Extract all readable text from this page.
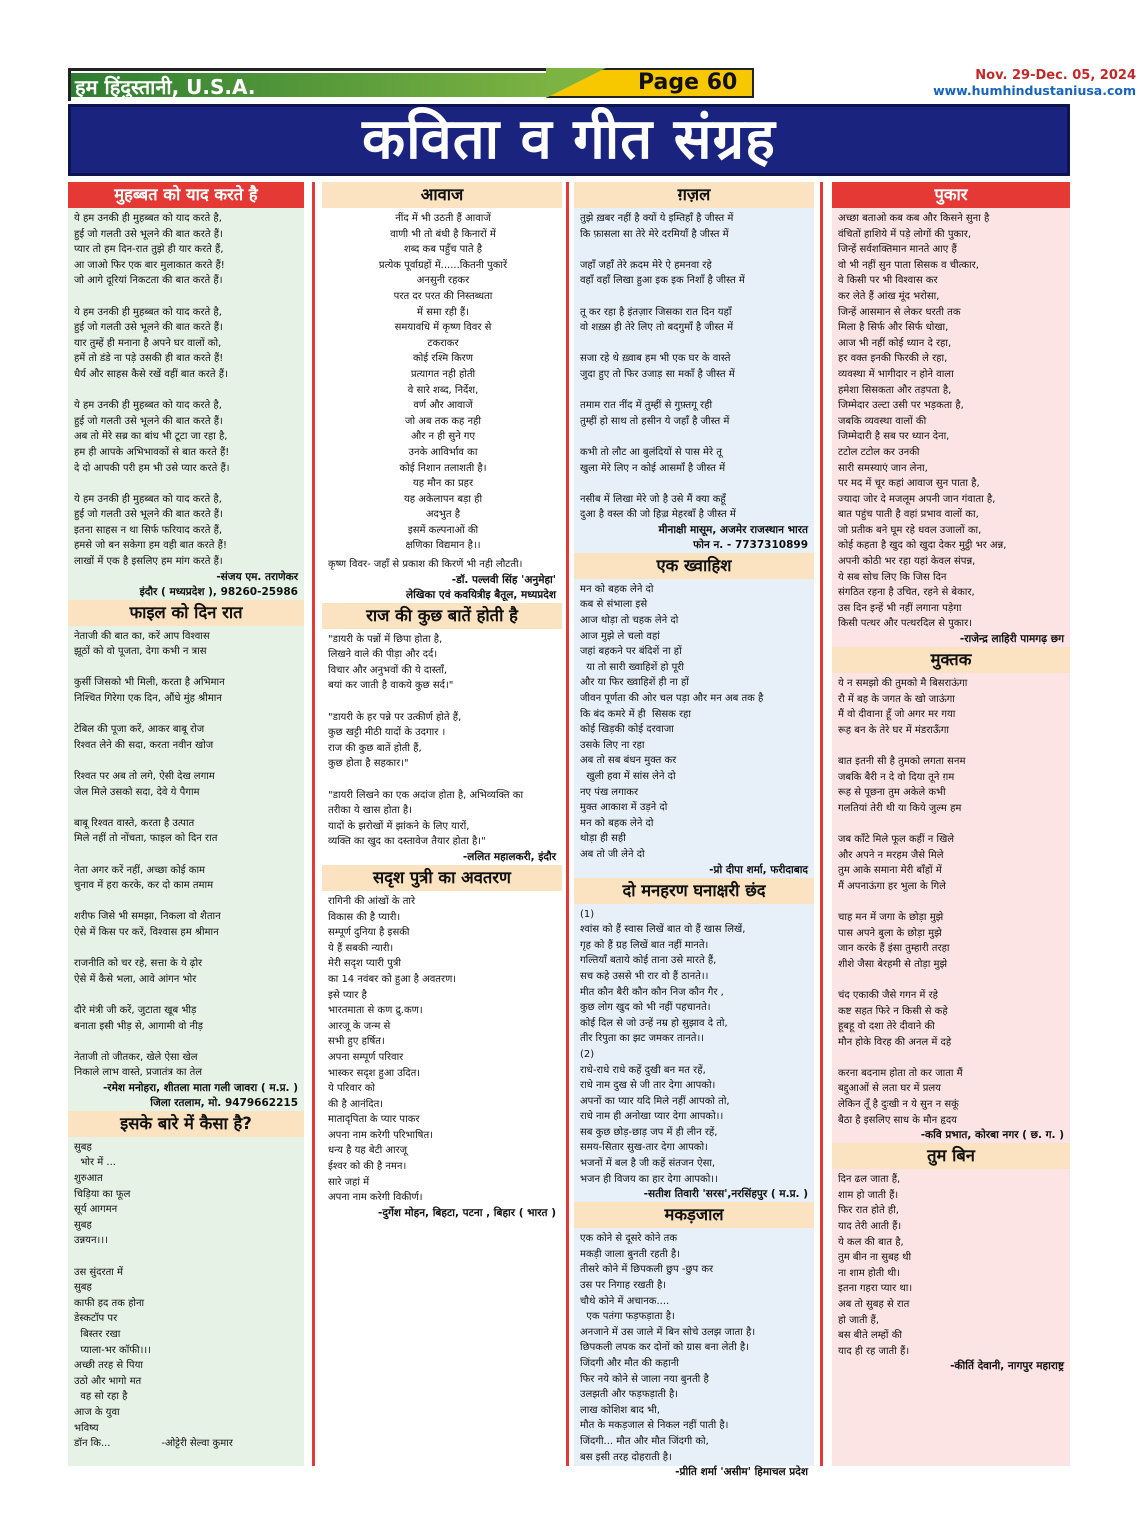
हम हिंदुस्तानी, U.S.A.	Page 60	Nov. 29-Dec. 05, 2024
www.humhindustaniusa.com
कविता व गीत संग्रह
मुहब्बत को याद करते है
ये हम उनकी ही मुहब्बत को याद करते है,
हुई जो गलती उसे भूलने की बात करते हैं।
प्यार तो हम दिन-रात तुझे ही यार करते हैं,
आ जाओ फिर एक बार मुलाकात करते हैं!
जो आगे दूरियां निकटता की बात करते हैं।

ये हम उनकी ही मुहब्बत को याद करते है,
हुई जो गलती उसे भूलने की बात करते हैं।
यार तुम्हें ही मनाना है अपने घर वालों को,
हमें तो डंडे ना पड़े उसकी ही बात करते हैं!
धैर्य और साहस कैसे रखें वहीं बात करते हैं।

ये हम उनकी ही मुहब्बत को याद करते है,
हुई जो गलती उसे भूलने की बात करते हैं।
अब तो मेरे सब्र का बांध भी टूटा जा रहा है,
हम ही आपके अभिभावकों से बात करते हैं!
दे दो आपकी परी हम भी उसे प्यार करते हैं।

ये हम उनकी ही मुहब्बत को याद करते है,
हुई जो गलती उसे भूलने की बात करते हैं।
इतना साहस न था सिर्फ फरियाद करते हैं,
हमसे जो बन सकेगा हम वही बात करते हैं!
लाखों में एक है इसलिए हम मांग करते हैं।
-संजय एम. तराणेकर
इंदौर ( मध्यप्रदेश ), 98260-25986
फाइल को दिन रात
नेताजी की बात का, करें आप विश्वास
झूठों को वो पूजता, देगा कभी न त्रास

कुर्सी जिसको भी मिली, करता है अभिमान
निश्चित गिरेगा एक दिन, औंधे मुंह श्रीमान

टेबिल की पूजा करें, आकर बाबू रोज
रिश्वत लेने की सदा, करता नवीन खोज

रिश्वत पर अब तो लगे, ऐसी देख लगाम
जेल मिले उसको सदा, देवे ये पैगाम

बाबू रिश्वत वास्ते, करता है उत्पात
मिले नहीं तो नोंचता, फाइल को दिन रात

नेता अगर करें नहीं, अच्छा कोई काम
चुनाव में हरा करके, कर दो काम तमाम

शरीफ जिसे भी समझा, निकला वो शैतान
ऐसे में किस पर करें, विश्वास हम श्रीमान

राजनीति को चर रहे, सत्ता के ये ढ़ोर
ऐसे में कैसे भला, आवे आंगन भोर

दौरे मंत्री जी करें, जुटाता खूब भीड़
बनाता इसी भीड़ से, आगामी वो नीड़

नेताजी तो जीतकर, खेले ऐसा खेल
निकाले लाभ वास्ते, प्रजातंत्र का तेल
-रमेश मनोहरा, शीतला माता गली जावरा ( म.प्र. )
जिला रतलाम, मो. 9479662215
इसके बारे में कैसा है?
सुबह
भोर में ...
शुरुआत
चिड़िया का फूल
सूर्य आगमन
सुबह
उन्नयन।।।

उस सुंदरता में
सुबह
काफी हद तक होना
डेस्कटॉप पर
बिस्तर रखा
प्याला-भर कॉफी।।।
अच्छी तरह से पिया
उठो और भागो मत
वह सो रहा है
आज के युवा
भविष्य
डॉन कि...                -ओट्टेरी सेल्वा कुमार
आवाज
नींद में भी उठती हैं आवाजें
वाणी भी तो बंधी है किनारों में
शब्द कब पहुँच पाते है
प्रत्येक पूर्वाग्रहों में......कितनी पुकारें
अनसुनी रहकर
परत दर परत की निस्तब्धता
में समा रही हैं।
समयावधि में कृष्ण विवर से
टकराकर
कोई रश्मि किरण
प्रत्यागत नही होती
वे सारे शब्द, निर्देश,
वर्ण और आवाजें
जो अब तक कह नही
और न ही सुने गए
उनके आविर्भाव का
कोई निशान तलाशती है।
यह मौन का प्रहर
यह अकेलापन बड़ा ही
अदभुत है
इसमें कल्पनाओं की
क्षणिका विद्यमान है।।
कृष्ण विवर- जहाँ से प्रकाश की किरणें भी नही लौटती।
-डॉ. पल्लवी सिंह 'अनुमेहा'
लेखिका एवं कवयित्रीइ बैतूल, मध्यप्रदेश
राज की कुछ बातें होती है
"डायरी के पन्नों में छिपा होता है,
लिखने वाले की पीड़ा और दर्द।
विचार और अनुभवों की ये दास्ताँ,
बयां कर जाती है वाकये कुछ सर्द।"

"डायरी के हर पन्ने पर उत्कीर्ण होते हैं,
कुछ खट्टी मीठी यादों के उदगार ।
राज की कुछ बातें होती हैं,
कुछ होता है सहकार।"

"डायरी लिखने का एक अदांज होता है, अभिव्यक्ति का
तरीका ये खास होता है।
यादों के झरोखों में झांकने के लिए यारों,
व्यक्ति का खुद का दस्तावेज तैयार होता है।"
-ललित महालकरी, इंदौर
सदृश पुत्री का अवतरण
रागिनी की आंखों के तारे
विकास की है प्यारी।
सम्पूर्ण दुनिया है इसकी
ये हैं सबकी न्यारी।
मेरी सदृश प्यारी पुत्री
का 14 नवंबर को हुआ है अवतरण।
इसे प्यार है
भारतमाता से कण द्रु.कण।
आरजू के जन्म से
सभी हुए हर्षित।
अपना सम्पूर्ण परिवार
भास्कर सदृश हुआ उदित।
ये परिवार को
की है आनंदित।
मातादृपिता के प्यार पाकर
अपना नाम करेगी परिभाषित।
धन्य है यह बेटी आरजू
ईश्वर को की है नमन।
सारे जहां में
अपना नाम करेगी विकीर्ण।
-दुर्गेश मोहन, बिहटा, पटना , बिहार ( भारत )
ग़ज़ल
तुझे ख़बर नहीं है क्यों ये इम्तिहाँ है जीस्त में
कि फ़ासला सा तेरे मेरे दरमियाँ है जीस्त में

जहाँ जहाँ तेरे क़दम मेरे ऐ हमनवा रहे
वहाँ वहाँ लिखा हुआ इक इक निशाँ है जीस्त में

तू कर रहा है इंतज़ार जिसका रात दिन यहाँ
वो शख़्स ही तेरे लिए तो बदगुमाँ है जीस्त में

सजा रहे थे ख़्वाब हम भी एक घर के वास्ते
जुदा हुए तो फिर उजाड़ सा मकाँ है जीस्त में

तमाम रात नींद में तुम्हीं से गुफ़्तगू रही
तुम्हीं हो साथ तो हसीन ये जहाँ है जीस्त में

कभी तो लौट आ बुलंदियों से पास मेरे तू
खुला मेरे लिए न कोई आसमाँ है जीस्त में

नसीब में लिखा मेरे जो है उसे मैं क्या कहूँ
दुआ है वस्ल की जो हिज़्र मेहरबाँ है जीस्त में
मीनाक्षी मासूम, अजमेर राजस्थान भारत
फोन न. - 7737310899
एक ख्वाहिश
मन को बहक लेने दो
कब से संभाला इसे
आज थोड़ा तो चहक लेने दो
आज मुझे ले चलो वहां
जहां बहकने पर बंदिशें ना हों
या तो सारी ख्वाहिशें हो पूरी
और या फिर ख्वाहिशें ही ना हों
जीवन पूर्णता की ओर चल पड़ा और मन अब तक है
कि बंद कमरे में ही  सिसक रहा
कोई खिड़की कोई दरवाजा
उसके लिए ना रहा
अब तो सब बंधन मुक्त कर
खुली हवा में सांस लेने दो
नए पंख लगाकर
मुक्त आकाश में उड़ने दो
मन को बहक लेने दो
थोड़ा ही सही
अब तो जी लेने दो
-प्रो दीपा शर्मा, फरीदाबाद
दो मनहरण घनाक्षरी छंद
(1)
श्वांस को हैं स्वास लिखें बात वो हैं खास लिखें,
गृह को हैं ग्रह लिखें बात नहीं मानते।
गल्तियाँ बताये कोई ताना उसे मारते हैं,
सच कहे उससे भी रार वो हैं ठानते।।
मीत कौन बैरी कौन कौन निज कौन गैर ,
कुछ लोग खुद को भी नहीं पहचानते।
कोई दिल से जो उन्हें नम्र हो सुझाव दे तो,
तीर रिपुता का झट जमकर तानते।।
(2)
राधे-राधे राधे कहें दुखी बन मत रहें,
राधे नाम दुख से जी तार देगा आपको।
अपनों का प्यार यदि मिले नहीं आपको तो,
राधे नाम ही अनोखा प्यार देगा आपको।।
सब कुछ छोड़-छाड़ जप में ही लीन रहें,
समय-सितार सुख-तार देगा आपको।
भजनों में बल है जी कहें संतजन ऐसा,
भजन ही विजय का हार देगा आपको।।
-सतीश तिवारी 'सरस',नरसिंहपुर ( म.प्र. )
मकड़जाल
एक कोने से दूसरे कोने तक
मकड़ी जाला बुनती रहती है।
तीसरे कोने में छिपकली छुप -छुप कर
उस पर निगाह रखती है।
चौथे कोने में अचानक....
एक पतंगा फड़फड़ाता है।
अनजाने में उस जाले में बिन सोचे उलझ जाता है।
छिपकली लपक कर दोनों को ग्रास बना लेती है।
जिंदगी और मौत की कहानी
फिर नये कोने से जाला नया बुनती है
उलझती और फड़फड़ाती है।
लाख कोशिश बाद भी,
मौत के मकड़जाल से निकल नहीं पाती है।
जिंदगी... मौत और मौत जिंदगी को,
बस इसी तरह दोहराती है।
-प्रीति शर्मा 'असीम' हिमाचल प्रदेश
पुकार
अच्छा बताओ कब कब और किसने सुना है
वंचितों हाशिये में पड़े लोगों की पुकार,
जिन्हें सर्वशक्तिमान मानते आए हैं
वो भी नहीं सुन पाता सिसक व चीत्कार,
वे किसी पर भी विश्वास कर
कर लेते हैं आंख मूंद भरोसा,
जिन्हें आसमान से लेकर धरती तक
मिला है सिर्फ और सिर्फ धोखा,
आज भी नहीं कोई ध्यान दे रहा,
हर वक्त इनकी फिरकी ले रहा,
व्यवस्था में भागीदार न होने वाला
हमेशा सिसकता और तड़पता है,
जिम्मेदार उल्टा उसी पर भड़कता है,
जबकि व्यवस्था वालों की
जिम्मेदारी है सब पर ध्यान देना,
टटोल टटोल कर उनकी
सारी समस्याएं जान लेना,
पर मद में चूर कहां आवाज सुन पाता है,
ज्यादा जोर दे मजलूम अपनी जान गंवाता है,
बात पहुंच पाती है वहां प्रभाव वालों का,
जो प्रतीक बने घूम रहे धवल उजालों का,
कोई कहता है खुद को खुदा देकर मुट्ठी भर अन्न,
अपनी कोठी भर रहा यहां केवल संपन्न,
ये सब सोच लिए कि जिस दिन
संगठित रहना है उचित, रहने से बेकार,
उस दिन इन्हें भी नहीं लगाना पड़ेगा
किसी पत्थर और पत्थरदिल से पुकार।
-राजेन्द्र लाहिरी पामगढ़ छग
मुक्तक
ये न समझो की तुमको मै बिसराऊंगा
रौ में बह के जगत के खो जाऊंगा
मैं वो दीवाना हूँ जो अगर मर गया
रूह बन के तेरे घर में मंडराऊँगा

बात इतनी सी है तुमको लगता सनम
जबकि बैरी न दे वो दिया तूने ग़म
रूह से पूछना तुम अकेले कभी
गलतियां तेरी थी या किये जुल्म हम

जब काँटे मिले फूल कहीं न खिले
और अपने न मरहम जैसे मिले
तुम आके समाना मेरी बाँहों में
मैं अपनाऊंगा हर भुला के गिले

चाह मन में जगा के छोड़ा मुझे
पास अपने बुला के छोड़ा मुझे
जान करके हैं इंसा तुम्हारी तरहा
शीशे जैसा बेरहमी से तोड़ा मुझे

चंद एकाकी जैसे गगन में रहे
कष्ट सहत फिरे न किसी से कहे
हूबहू वो दशा तेरे दीवाने की
मौन होके विरह की अनल में दहे

करना बदनाम होता तो कर जाता मैं
बद्दुआओं से लता घर में प्रलय
लेकिन तूँ है दुःखी न ये सुन न सकूं
बैठा है इसलिए साध के मौन हृदय
-कवि प्रभात, कोरबा नगर ( छ. ग. )
तुम बिन
दिन ढल जाता हैं,
शाम हो जाती हैं।
फिर रात होते ही,
याद तेरी आती हैं।
ये कल की बात है,
तुम बीन ना सुबह थी
ना शाम होती थी।
इतना गहरा प्यार था।
अब तो सुबह से रात
हो जाती हैं,
बस बीते लम्हों की
याद ही रह जाती हैं।
-कीर्ति देवानी, नागपुर महाराष्ट्र
